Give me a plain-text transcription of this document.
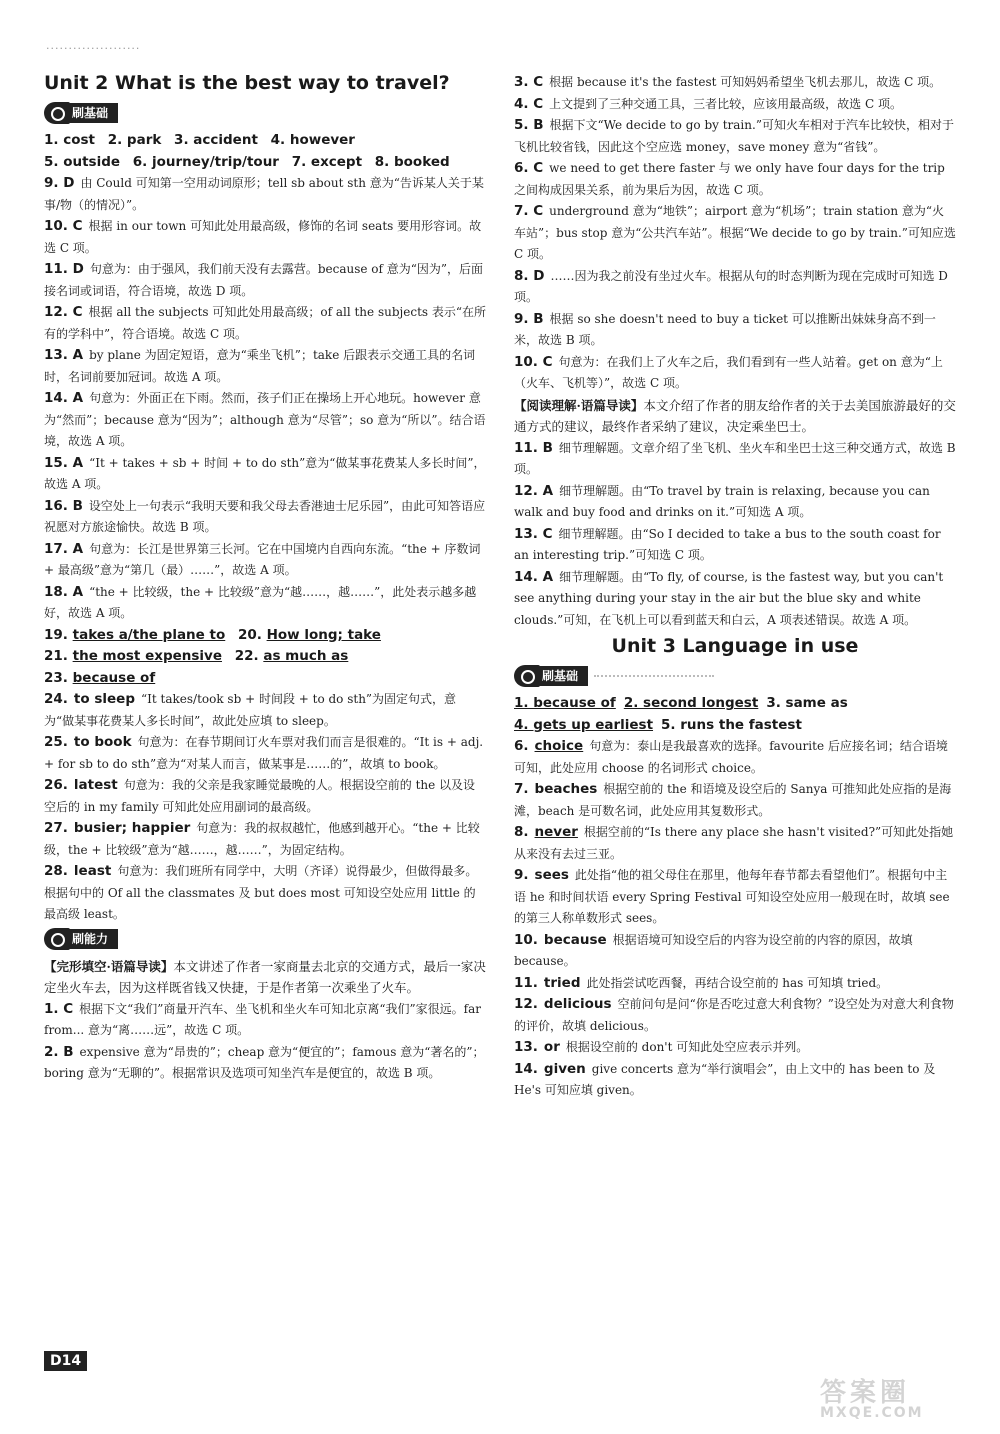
·····················
Unit 2 What is the best way to travel?
刷基础
1. cost 2. park 3. accident 4. however
5. outside 6. journey/trip/tour 7. except 8. booked

9. D 由 Could 可知第一空用动词原形；tell sb about sth 意为“告诉某人关于某事/物（的情况）”。

10. C 根据 in our town 可知此处用最高级，修饰的名词 seats 要用形容词。故选 C 项。

11. D 句意为：由于强风，我们前天没有去露营。because of 意为“因为”，后面接名词或词语，符合语境，故选 D 项。

12. C 根据 all the subjects 可知此处用最高级；of all the subjects 表示“在所有的学科中”，符合语境。故选 C 项。

13. A by plane 为固定短语，意为“乘坐飞机”；take 后跟表示交通工具的名词时，名词前要加冠词。故选 A 项。

14. A 句意为：外面正在下雨。然而，孩子们正在操场上开心地玩。however 意为“然而”；because 意为“因为”；although 意为“尽管”；so 意为“所以”。结合语境，故选 A 项。

15. A “It + takes + sb + 时间 + to do sth”意为“做某事花费某人多长时间”，故选 A 项。

16. B 设空处上一句表示“我明天要和我父母去香港迪士尼乐园”，由此可知答语应祝愿对方旅途愉快。故选 B 项。

17. A 句意为：长江是世界第三长河。它在中国境内自西向东流。“the + 序数词 + 最高级”意为“第几（最）……”，故选 A 项。

18. A “the + 比较级，the + 比较级”意为“越……，越……”，此处表示越多越好，故选 A 项。

19. takes a/the plane to 20. How long; take
21. the most expensive 22. as much as
23. because of

24. to sleep “It takes/took sb + 时间段 + to do sth”为固定句式，意为“做某事花费某人多长时间”，故此处应填 to sleep。

25. to book 句意为：在春节期间订火车票对我们而言是很难的。“It is + adj. + for sb to do sth”意为“对某人而言，做某事是……的”，故填 to book。

26. latest 句意为：我的父亲是我家睡觉最晚的人。根据设空前的 the 以及设空后的 in my family 可知此处应用副词的最高级。

27. busier; happier 句意为：我的叔叔越忙，他感到越开心。“the + 比较级，the + 比较级”意为“越……，越……”，为固定结构。

28. least 句意为：我们班所有同学中，大明（齐译）说得最少，但做得最多。根据句中的 Of all the classmates 及 but does most 可知设空处应用 little 的最高级 least。

刷能力

【完形填空·语篇导读】本文讲述了作者一家商量去北京的交通方式，最后一家决定坐火车去，因为这样既省钱又快捷，于是作者第一次乘坐了火车。

1. C 根据下文“我们”商量开汽车、坐飞机和坐火车可知北京离“我们”家很远。far from... 意为“离……远”，故选 C 项。

2. B expensive 意为“昂贵的”；cheap 意为“便宜的”；famous 意为“著名的”；boring 意为“无聊的”。根据常识及选项可知坐汽车是便宜的，故选 B 项。

3. C 根据 because it's the fastest 可知妈妈希望坐飞机去那儿，故选 C 项。

4. C 上文提到了三种交通工具，三者比较，应该用最高级，故选 C 项。

5. B 根据下文“We decide to go by train.”可知火车相对于汽车比较快，相对于飞机比较省钱，因此这个空应选 money，save money 意为“省钱”。

6. C we need to get there faster 与 we only have four days for the trip 之间构成因果关系，前为果后为因，故选 C 项。

7. C underground 意为“地铁”；airport 意为“机场”；train station 意为“火车站”；bus stop 意为“公共汽车站”。根据“We decide to go by train.”可知应选 C 项。

8. D ……因为我之前没有坐过火车。根据从句的时态判断为现在完成时可知选 D 项。

9. B 根据 so she doesn't need to buy a ticket 可以推断出妹妹身高不到一米，故选 B 项。

10. C 句意为：在我们上了火车之后，我们看到有一些人站着。get on 意为“上（火车、飞机等）”，故选 C 项。

【阅读理解·语篇导读】本文介绍了作者的朋友给作者的关于去美国旅游最好的交通方式的建议，最终作者采纳了建议，决定乘坐巴士。

11. B 细节理解题。文章介绍了坐飞机、坐火车和坐巴士这三种交通方式，故选 B 项。

12. A 细节理解题。由“To travel by train is relaxing, because you can walk and buy food and drinks on it.”可知选 A 项。

13. C 细节理解题。由“So I decided to take a bus to the south coast for an interesting trip.”可知选 C 项。

14. A 细节理解题。由“To fly, of course, is the fastest way, but you can't see anything during your stay in the air but the blue sky and white clouds.”可知，在飞机上可以看到蓝天和白云，A 项表述错误。故选 A 项。

Unit 3 Language in use
刷基础
1. because of 2. second longest 3. same as
4. gets up earliest 5. runs the fastest

6. choice 句意为：泰山是我最喜欢的选择。favourite 后应接名词；结合语境可知，此处应用 choose 的名词形式 choice。

7. beaches 根据空前的 the 和语境及设空后的 Sanya 可推知此处应指的是海滩，beach 是可数名词，此处应用其复数形式。

8. never 根据空前的“Is there any place she hasn't visited?”可知此处指她从来没有去过三亚。

9. sees 此处指“他的祖父母住在那里，他每年春节都去看望他们”。根据句中主语 he 和时间状语 every Spring Festival 可知设空处应用一般现在时，故填 see 的第三人称单数形式 sees。

10. because 根据语境可知设空后的内容为设空前的内容的原因，故填 because。

11. tried 此处指尝试吃西餐，再结合设空前的 has 可知填 tried。

12. delicious 空前问句是问“你是否吃过意大利食物？”设空处为对意大利食物的评价，故填 delicious。

13. or 根据设空前的 don't 可知此处空应表示并列。

14. given give concerts 意为“举行演唱会”，由上文中的 has been to 及 He's 可知应填 given。

D14
答案圈
MXQE.COM
